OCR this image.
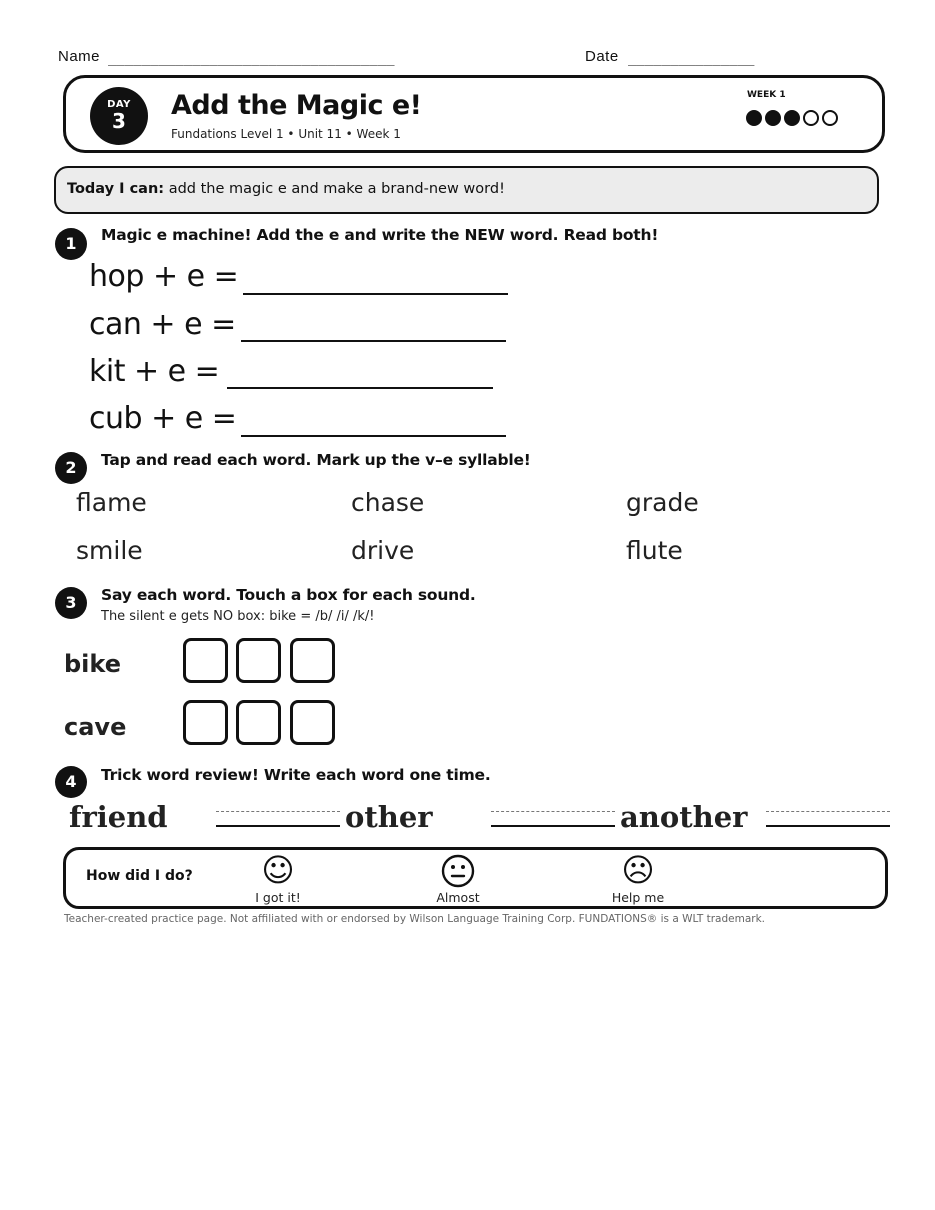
Name __________________________________	Date _______________
DAY
3	Add the Magic e!
Fundations Level 1 • Unit 11 • Week 1
WEEK 1
Today I can: add the magic e and make a brand-new word!
1	Magic e machine! Add the e and write the NEW word. Read both!
hop + e =
can + e =
kit + e =
cub + e =
2	Tap and read each word. Mark up the v–e syllable!
flame	chase	grade
smile	drive	flute
3	Say each word. Touch a box for each sound.
The silent e gets NO box: bike = /b/ /i/ /k/!
bike
cave
4	Trick word review! Write each word one time.
friend	other	another
How did I do? ☺
I got it!	Almost
☹
Help me
Teacher-created practice page. Not affiliated with or endorsed by Wilson Language Training Corp. FUNDATIONS® is a WLT trademark.
